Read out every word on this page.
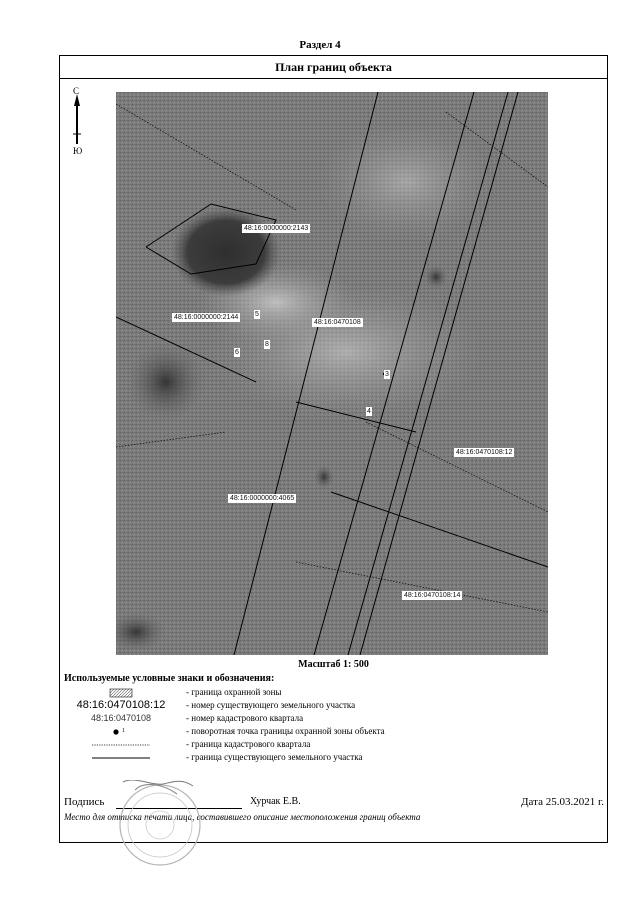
Раздел 4
План границ объекта
С
Ю
48:16:0000000:2143
48:16:0000000:2144
48:16:0470108
48:16:0470108:12
48:16:0000000:4065
48:16:0470108:14
5
6
8
3
4
Масштаб 1: 500
Используемые условные знаки и обозначения:
- граница охранной зоны
48:16:0470108:12	- номер существующего земельного участка
48:16:0470108	- номер кадастрового квартала
1	- поворотная точка границы охранной зоны объекта
- граница кадастрового квартала
- граница существующего земельного участка
Подпись	Хурчак Е.В.	Дата 25.03.2021 г.
Место для оттиска печати лица, составившего описание местоположения границ объекта
